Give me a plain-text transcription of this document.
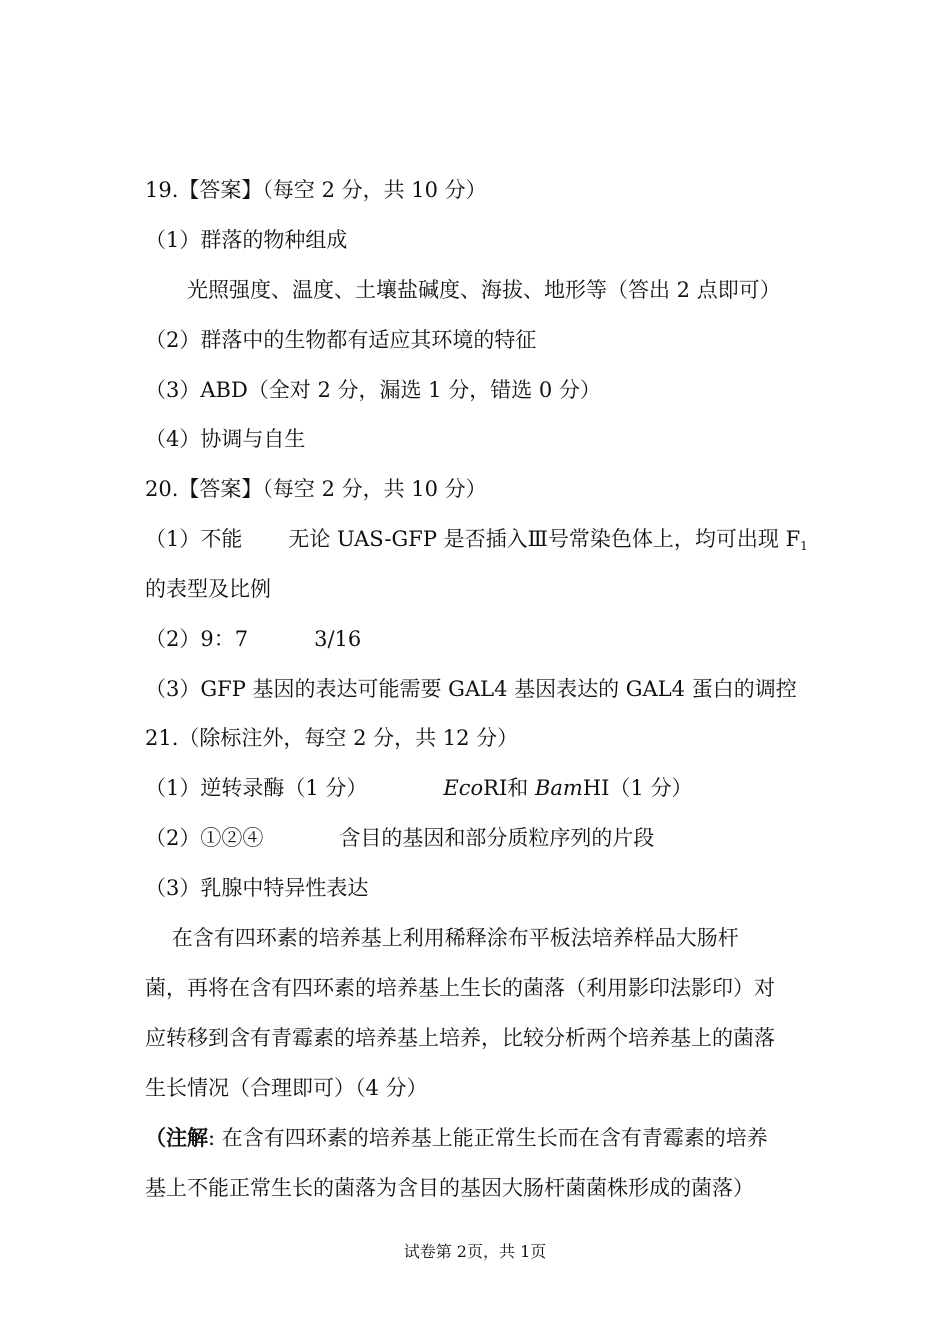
19.【答案】（每空 2 分，共 10 分）
（1）群落的物种组成
光照强度、温度、土壤盐碱度、海拔、地形等（答出 2 点即可）
（2）群落中的生物都有适应其环境的特征
（3）ABD（全对 2 分，漏选 1 分，错选 0 分）
（4）协调与自生
20.【答案】（每空 2 分，共 10 分）
（1）不能 无论 UAS-GFP 是否插入Ⅲ号常染色体上，均可出现 $F_1$
的表型及比例
（2）9：7	3/16
（3）GFP 基因的表达可能需要 GAL4 基因表达的 GAL4 蛋白的调控
21.（除标注外，每空 2 分，共 12 分）
（1）逆转录酶（1 分）	EcoRⅠ和 BamHⅠ（1 分）
（2）①②④	含目的基因和部分质粒序列的片段
（3）乳腺中特异性表达
在含有四环素的培养基上利用稀释涂布平板法培养样品大肠杆
菌，再将在含有四环素的培养基上生长的菌落（利用影印法影印）对
应转移到含有青霉素的培养基上培养，比较分析两个培养基上的菌落
生长情况（合理即可）（4 分）
（注解: 在含有四环素的培养基上能正常生长而在含有青霉素的培养
基上不能正常生长的菌落为含目的基因大肠杆菌菌株形成的菌落）
试卷第 2页，共 1页
